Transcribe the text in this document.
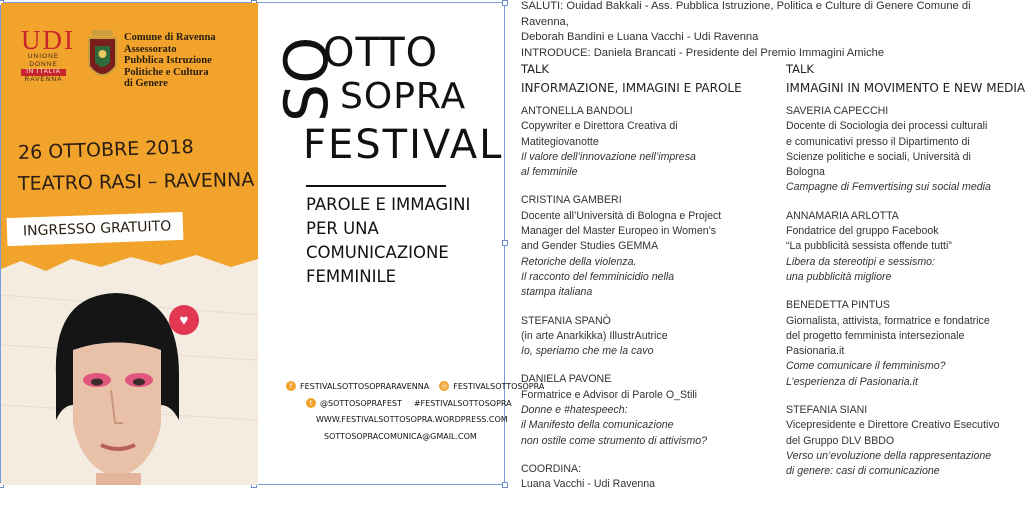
UDI
UNIONE
DONNE
IN ITALIA
RAVENNA
Comune di Ravenna
Assessorato
Pubblica Istruzione
Politiche e Cultura
di Genere
26 OTTOBRE 2018
TEATRO RASI – RAVENNA
INGRESSO GRATUITO
♥
SO
OTTO
SOPRA
FESTIVAL
PAROLE E IMMAGINI
PER UNA
COMUNICAZIONE
FEMMINILE
f FESTIVALSOTTOSOPRARAVENNA ◎ FESTIVALSOTTOSOPRA
t @SOTTOSOPRAFEST #FESTIVALSOTTOSOPRA
WWW.FESTIVALSOTTOSOPRA.WORDPRESS.COM
SOTTOSOPRACOMUNICA@GMAIL.COM
SALUTI: Ouidad Bakkali - Ass. Pubblica Istruzione, Politica e Culture di Genere Comune di Ravenna,
Deborah Bandini e Luana Vacchi - Udi Ravenna
INTRODUCE: Daniela Brancati - Presidente del Premio Immagini Amiche
TALK
INFORMAZIONE, IMMAGINI E PAROLE
ANTONELLA BANDOLI
Copywriter e Direttora Creativa di
Matitegiovanotte
Il valore dell’innovazione nell’impresa
al femminile
CRISTINA GAMBERI
Docente all’Università di Bologna e Project
Manager del Master Europeo in Women’s
and Gender Studies GEMMA
Retoriche della violenza.
Il racconto del femminicidio nella
stampa italiana
STEFANIA SPANÒ
(in arte Anarkikka) IllustrAutrice
Io, speriamo che me la cavo
DANIELA PAVONE
Formatrice e Advisor di Parole O_Stili
Donne e #hatespeech:
il Manifesto della comunicazione
non ostile come strumento di attivismo?
COORDINA:
Luana Vacchi - Udi Ravenna
TALK
IMMAGINI IN MOVIMENTO E NEW MEDIA
SAVERIA CAPECCHI
Docente di Sociologia dei processi culturali
e comunicativi presso il Dipartimento di
Scienze politiche e sociali, Università di
Bologna
Campagne di Femvertising sui social media
ANNAMARIA ARLOTTA
Fondatrice del gruppo Facebook
“La pubblicità sessista offende tutti”
Libera da stereotipi e sessismo:
una pubblicità migliore
BENEDETTA PINTUS
Giornalista, attivista, formatrice e fondatrice
del progetto femminista intersezionale
Pasionaria.it
Come comunicare il femminismo?
L’esperienza di Pasionaria.it
STEFANIA SIANI
Vicepresidente e Direttore Creativo Esecutivo
del Gruppo DLV BBDO
Verso un’evoluzione della rappresentazione
di genere: casi di comunicazione
